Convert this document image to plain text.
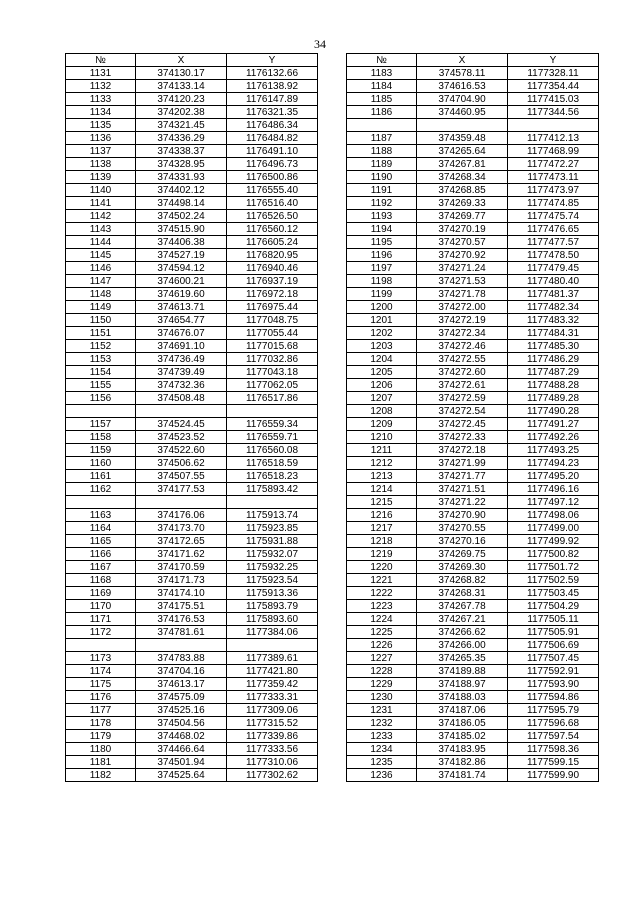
34
№	X	Y
1131	374130.17	1176132.66
1132	374133.14	1176138.92
1133	374120.23	1176147.89
1134	374202.38	1176321.35
1135	374321.45	1176486.34
1136	374336.29	1176484.82
1137	374338.37	1176491.10
1138	374328.95	1176496.73
1139	374331.93	1176500.86
1140	374402.12	1176555.40
1141	374498.14	1176516.40
1142	374502.24	1176526.50
1143	374515.90	1176560.12
1144	374406.38	1176605.24
1145	374527.19	1176820.95
1146	374594.12	1176940.46
1147	374600.21	1176937.19
1148	374619.60	1176972.18
1149	374613.71	1176975.44
1150	374654.77	1177048.75
1151	374676.07	1177055.44
1152	374691.10	1177015.68
1153	374736.49	1177032.86
1154	374739.49	1177043.18
1155	374732.36	1177062.05
1156	374508.48	1176517.86

1157	374524.45	1176559.34
1158	374523.52	1176559.71
1159	374522.60	1176560.08
1160	374506.62	1176518.59
1161	374507.55	1176518.23
1162	374177.53	1175893.42

1163	374176.06	1175913.74
1164	374173.70	1175923.85
1165	374172.65	1175931.88
1166	374171.62	1175932.07
1167	374170.59	1175932.25
1168	374171.73	1175923.54
1169	374174.10	1175913.36
1170	374175.51	1175893.79
1171	374176.53	1175893.60
1172	374781.61	1177384.06

1173	374783.88	1177389.61
1174	374704.16	1177421.80
1175	374613.17	1177359.42
1176	374575.09	1177333.31
1177	374525.16	1177309.06
1178	374504.56	1177315.52
1179	374468.02	1177339.86
1180	374466.64	1177333.56
1181	374501.94	1177310.06
1182	374525.64	1177302.62
№	X	Y
1183	374578.11	1177328.11
1184	374616.53	1177354.44
1185	374704.90	1177415.03
1186	374460.95	1177344.56

1187	374359.48	1177412.13
1188	374265.64	1177468.99
1189	374267.81	1177472.27
1190	374268.34	1177473.11
1191	374268.85	1177473.97
1192	374269.33	1177474.85
1193	374269.77	1177475.74
1194	374270.19	1177476.65
1195	374270.57	1177477.57
1196	374270.92	1177478.50
1197	374271.24	1177479.45
1198	374271.53	1177480.40
1199	374271.78	1177481.37
1200	374272.00	1177482.34
1201	374272.19	1177483.32
1202	374272.34	1177484.31
1203	374272.46	1177485.30
1204	374272.55	1177486.29
1205	374272.60	1177487.29
1206	374272.61	1177488.28
1207	374272.59	1177489.28
1208	374272.54	1177490.28
1209	374272.45	1177491.27
1210	374272.33	1177492.26
1211	374272.18	1177493.25
1212	374271.99	1177494.23
1213	374271.77	1177495.20
1214	374271.51	1177496.16
1215	374271.22	1177497.12
1216	374270.90	1177498.06
1217	374270.55	1177499.00
1218	374270.16	1177499.92
1219	374269.75	1177500.82
1220	374269.30	1177501.72
1221	374268.82	1177502.59
1222	374268.31	1177503.45
1223	374267.78	1177504.29
1224	374267.21	1177505.11
1225	374266.62	1177505.91
1226	374266.00	1177506.69
1227	374265.35	1177507.45
1228	374189.88	1177592.91
1229	374188.97	1177593.90
1230	374188.03	1177594.86
1231	374187.06	1177595.79
1232	374186.05	1177596.68
1233	374185.02	1177597.54
1234	374183.95	1177598.36
1235	374182.86	1177599.15
1236	374181.74	1177599.90
